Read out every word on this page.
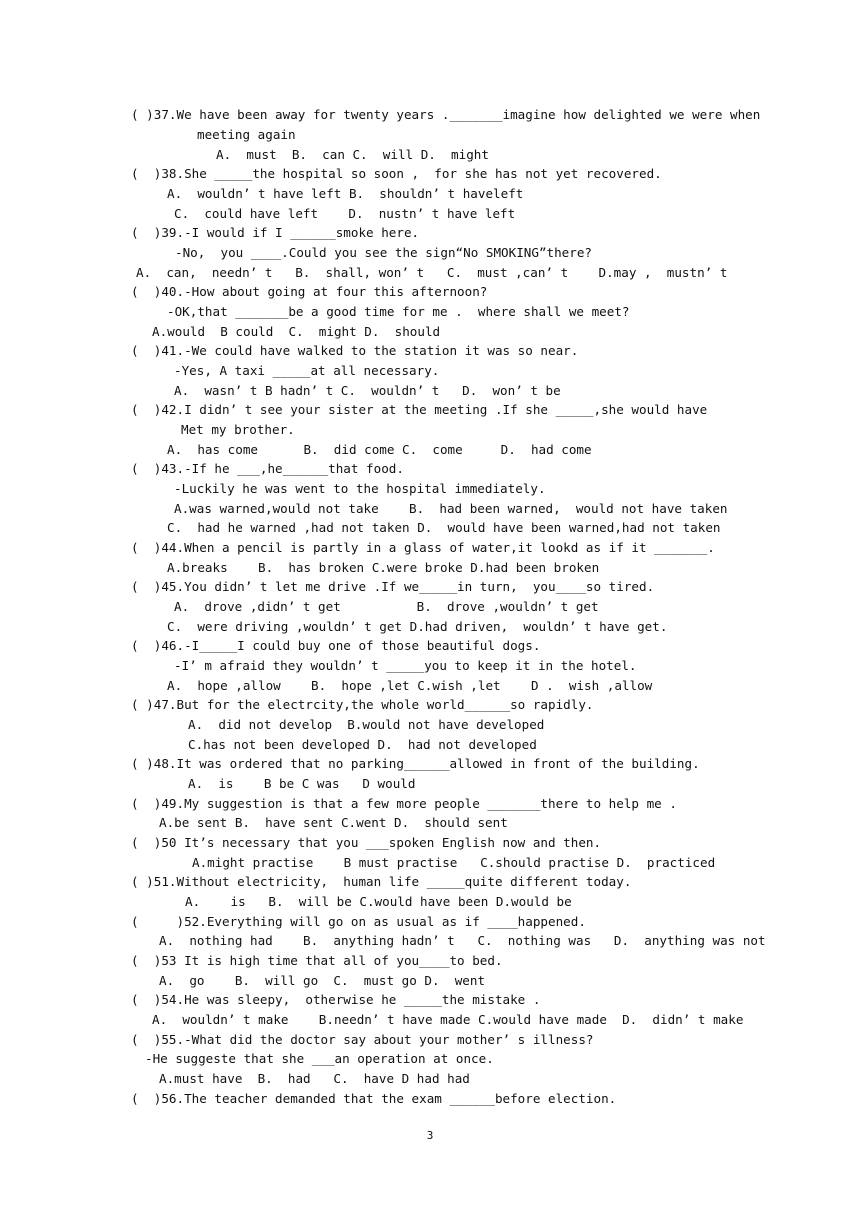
( )37.We have been away for twenty years ._______imagine how delighted we were when
meeting again
A.  must  B.  can C.  will D.  might
(  )38.She _____the hospital so soon ,  for she has not yet recovered.
A.  wouldn’ t have left B.  shouldn’ t haveleft
C.  could have left    D.  nustn’ t have left
(  )39.-I would if I ______smoke here.
-No,  you ____.Could you see the sign“No SMOKING”there?
A.  can,  needn’ t   B.  shall, won’ t   C.  must ,can’ t    D.may ,  mustn’ t
(  )40.-How about going at four this afternoon?
-OK,that _______be a good time for me .  where shall we meet?
A.would  B could  C.  might D.  should
(  )41.-We could have walked to the station it was so near.
-Yes, A taxi _____at all necessary.
A.  wasn’ t B hadn’ t C.  wouldn’ t   D.  won’ t be
(  )42.I didn’ t see your sister at the meeting .If she _____,she would have
Met my brother.
A.  has come      B.  did come C.  come     D.  had come
(  )43.-If he ___,he______that food.
-Luckily he was went to the hospital immediately.
A.was warned,would not take    B.  had been warned,  would not have taken
C.  had he warned ,had not taken D.  would have been warned,had not taken
(  )44.When a pencil is partly in a glass of water,it lookd as if it _______.
A.breaks    B.  has broken C.were broke D.had been broken
(  )45.You didn’ t let me drive .If we_____in turn,  you____so tired.
A.  drove ,didn’ t get          B.  drove ,wouldn’ t get
C.  were driving ,wouldn’ t get D.had driven,  wouldn’ t have get.
(  )46.-I_____I could buy one of those beautiful dogs.
-I’ m afraid they wouldn’ t _____you to keep it in the hotel.
A.  hope ,allow    B.  hope ,let C.wish ,let    D .  wish ,allow
( )47.But for the electrcity,the whole world______so rapidly.
A.  did not develop  B.would not have developed
C.has not been developed D.  had not developed
( )48.It was ordered that no parking______allowed in front of the building.
A.  is    B be C was   D would
(  )49.My suggestion is that a few more people _______there to help me .
A.be sent B.  have sent C.went D.  should sent
(  )50 It’s necessary that you ___spoken English now and then.
A.might practise    B must practise   C.should practise D.  practiced
( )51.Without electricity,  human life _____quite different today.
A.    is   B.  will be C.would have been D.would be
(     )52.Everything will go on as usual as if ____happened.
A.  nothing had    B.  anything hadn’ t   C.  nothing was   D.  anything was not
(  )53 It is high time that all of you____to bed.
A.  go    B.  will go  C.  must go D.  went
(  )54.He was sleepy,  otherwise he _____the mistake .
A.  wouldn’ t make    B.needn’ t have made C.would have made  D.  didn’ t make
(  )55.-What did the doctor say about your mother’ s illness?
-He suggeste that she ___an operation at once.
A.must have  B.  had   C.  have D had had
(  )56.The teacher demanded that the exam ______before election.
3
